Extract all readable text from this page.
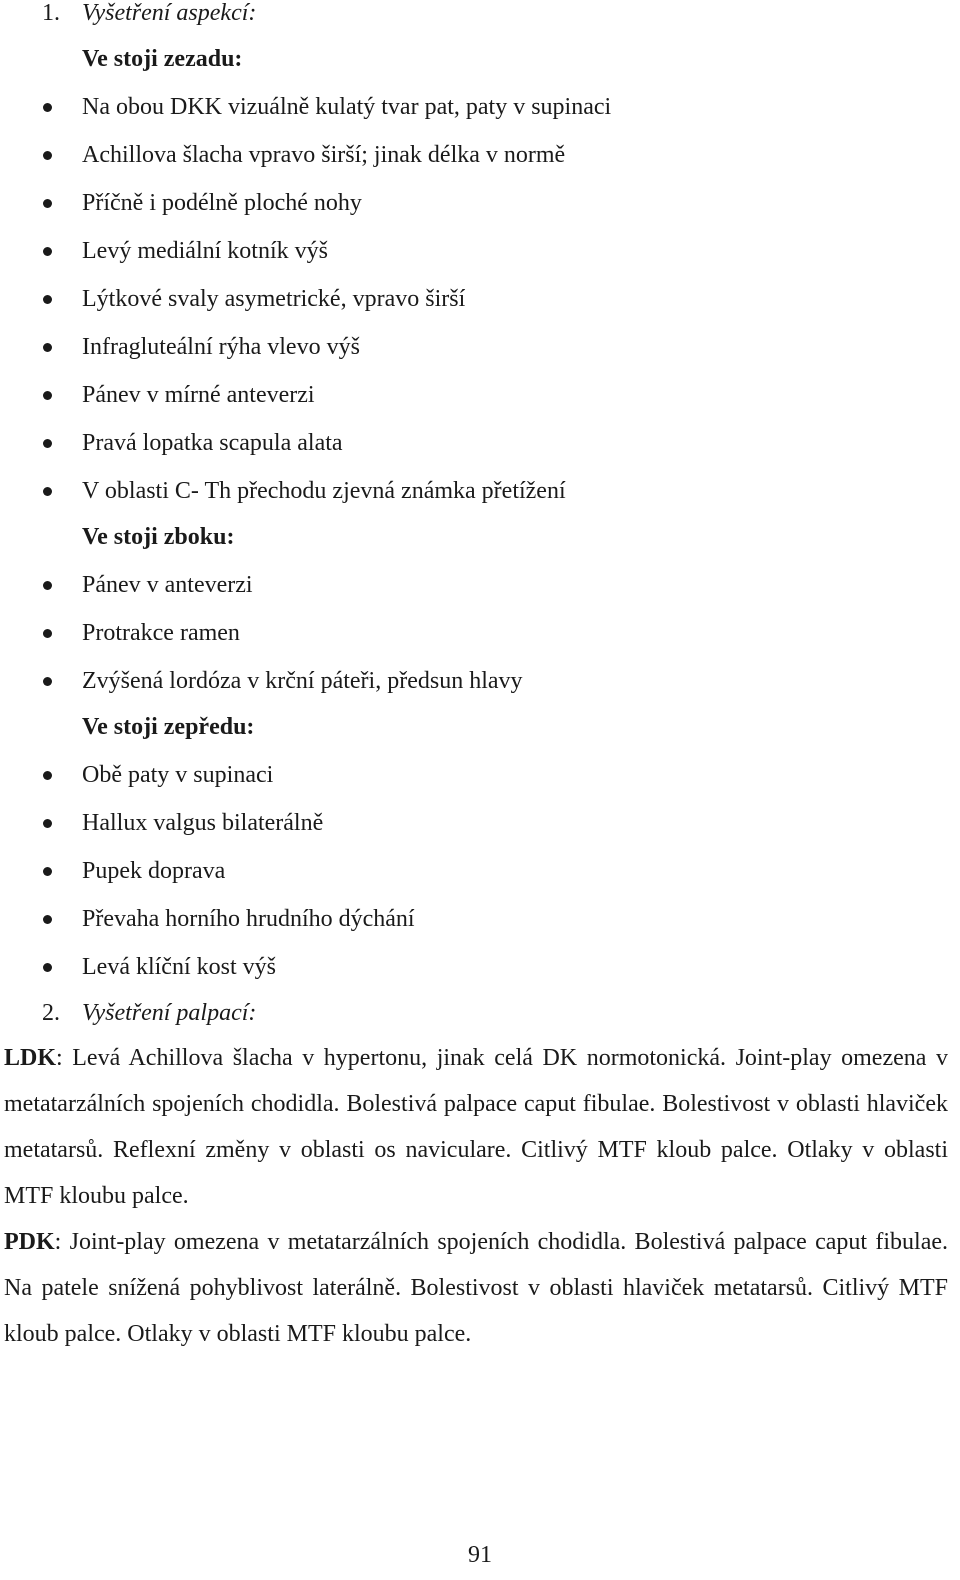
1. Vyšetření aspekcí:
Ve stoji zezadu:
Na obou DKK vizuálně kulatý tvar pat, paty v supinaci
Achillova šlacha vpravo širší; jinak délka v normě
Příčně i podélně ploché nohy
Levý mediální kotník výš
Lýtkové svaly asymetrické, vpravo širší
Infragluteální rýha vlevo výš
Pánev v mírné anteverzi
Pravá lopatka scapula alata
V oblasti C- Th přechodu zjevná známka přetížení
Ve stoji zboku:
Pánev v anteverzi
Protrakce ramen
Zvýšená lordóza v krční páteři, předsun hlavy
Ve stoji zepředu:
Obě paty v supinaci
Hallux valgus bilaterálně
Pupek doprava
Převaha horního hrudního dýchání
Levá klíční kost výš
2. Vyšetření palpací:

LDK: Levá Achillova šlacha v hypertonu, jinak celá DK normotonická. Joint-play omezena v metatarzálních spojeních chodidla. Bolestivá palpace caput fibulae. Bolestivost v oblasti hlaviček metatarsů. Reflexní změny v oblasti os naviculare. Citlivý MTF kloub palce. Otlaky v oblasti MTF kloubu palce.

PDK: Joint-play omezena v metatarzálních spojeních chodidla. Bolestivá palpace caput fibulae. Na patele snížená pohyblivost laterálně. Bolestivost v oblasti hlaviček metatarsů. Citlivý MTF kloub palce. Otlaky v oblasti MTF kloubu palce.

91
